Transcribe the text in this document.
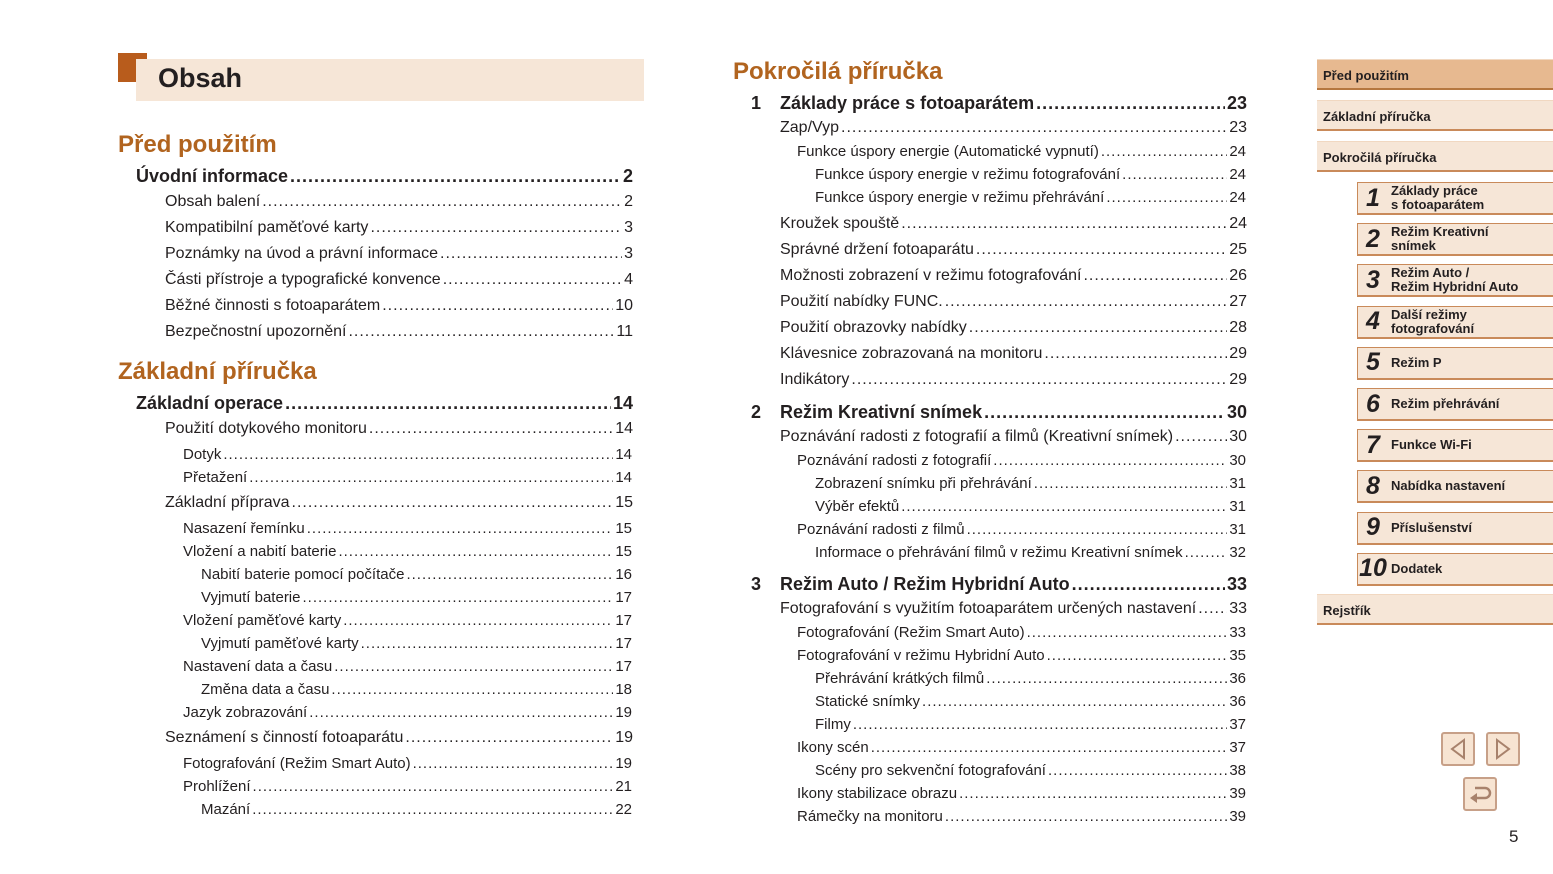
Obsah
Před použitím
Úvodní informace .....	2
Obsah balení .....	2
Kompatibilní paměťové karty .....	3
Poznámky na úvod a právní informace .....	3
Části přístroje a typografické konvence .....	4
Běžné činnosti s fotoaparátem .....	10
Bezpečnostní upozornění .....	11
Základní příručka
Základní operace .....	14
Použití dotykového monitoru .....	14
Dotyk .....	14
Přetažení .....	14
Základní příprava .....	15
Nasazení řemínku .....	15
Vložení a nabití baterie .....	15
Nabití baterie pomocí počítače .....	16
Vyjmutí baterie .....	17
Vložení paměťové karty .....	17
Vyjmutí paměťové karty .....	17
Nastavení data a času .....	17
Změna data a času .....	18
Jazyk zobrazování .....	19
Seznámení s činností fotoaparátu .....	19
Fotografování (Režim Smart Auto) .....	19
Prohlížení .....	21
Mazání .....	22
Pokročilá příručka
1 Základy práce s fotoaparátem .....	23
Zap/Vyp .....	23
Funkce úspory energie (Automatické vypnutí) .....	24
Funkce úspory energie v režimu fotografování .....	24
Funkce úspory energie v režimu přehrávání .....	24
Kroužek spouště .....	24
Správné držení fotoaparátu .....	25
Možnosti zobrazení v režimu fotografování .....	26
Použití nabídky FUNC. .....	27
Použití obrazovky nabídky .....	28
Klávesnice zobrazovaná na monitoru .....	29
Indikátory .....	29
2 Režim Kreativní snímek .....	30
Poznávání radosti z fotografií a filmů (Kreativní snímek) .....	30
Poznávání radosti z fotografií .....	30
Zobrazení snímku při přehrávání .....	31
Výběr efektů .....	31
Poznávání radosti z filmů .....	31
Informace o přehrávání filmů v režimu Kreativní snímek .....	32
3 Režim Auto / Režim Hybridní Auto .....	33
Fotografování s využitím fotoaparátem určených nastavení ..... 33
Fotografování (Režim Smart Auto) .....	33
Fotografování v režimu Hybridní Auto .....	35
Přehrávání krátkých filmů .....	36
Statické snímky .....	36
Filmy .....	37
Ikony scén .....	37
Scény pro sekvenční fotografování .....	38
Ikony stabilizace obrazu .....	39
Rámečky na monitoru .....	39
Před použitím
Základní příručka
Pokročilá příručka
1 Základy práce
s fotoaparátem
2 Režim Kreativní
snímek
3 Režim Auto /
Režim Hybridní Auto
4 Další režimy
fotografování
5 Režim P
6 Režim přehrávání
7 Funkce Wi-Fi
8 Nabídka nastavení
9 Příslušenství
10 Dodatek
Rejstřík
5
